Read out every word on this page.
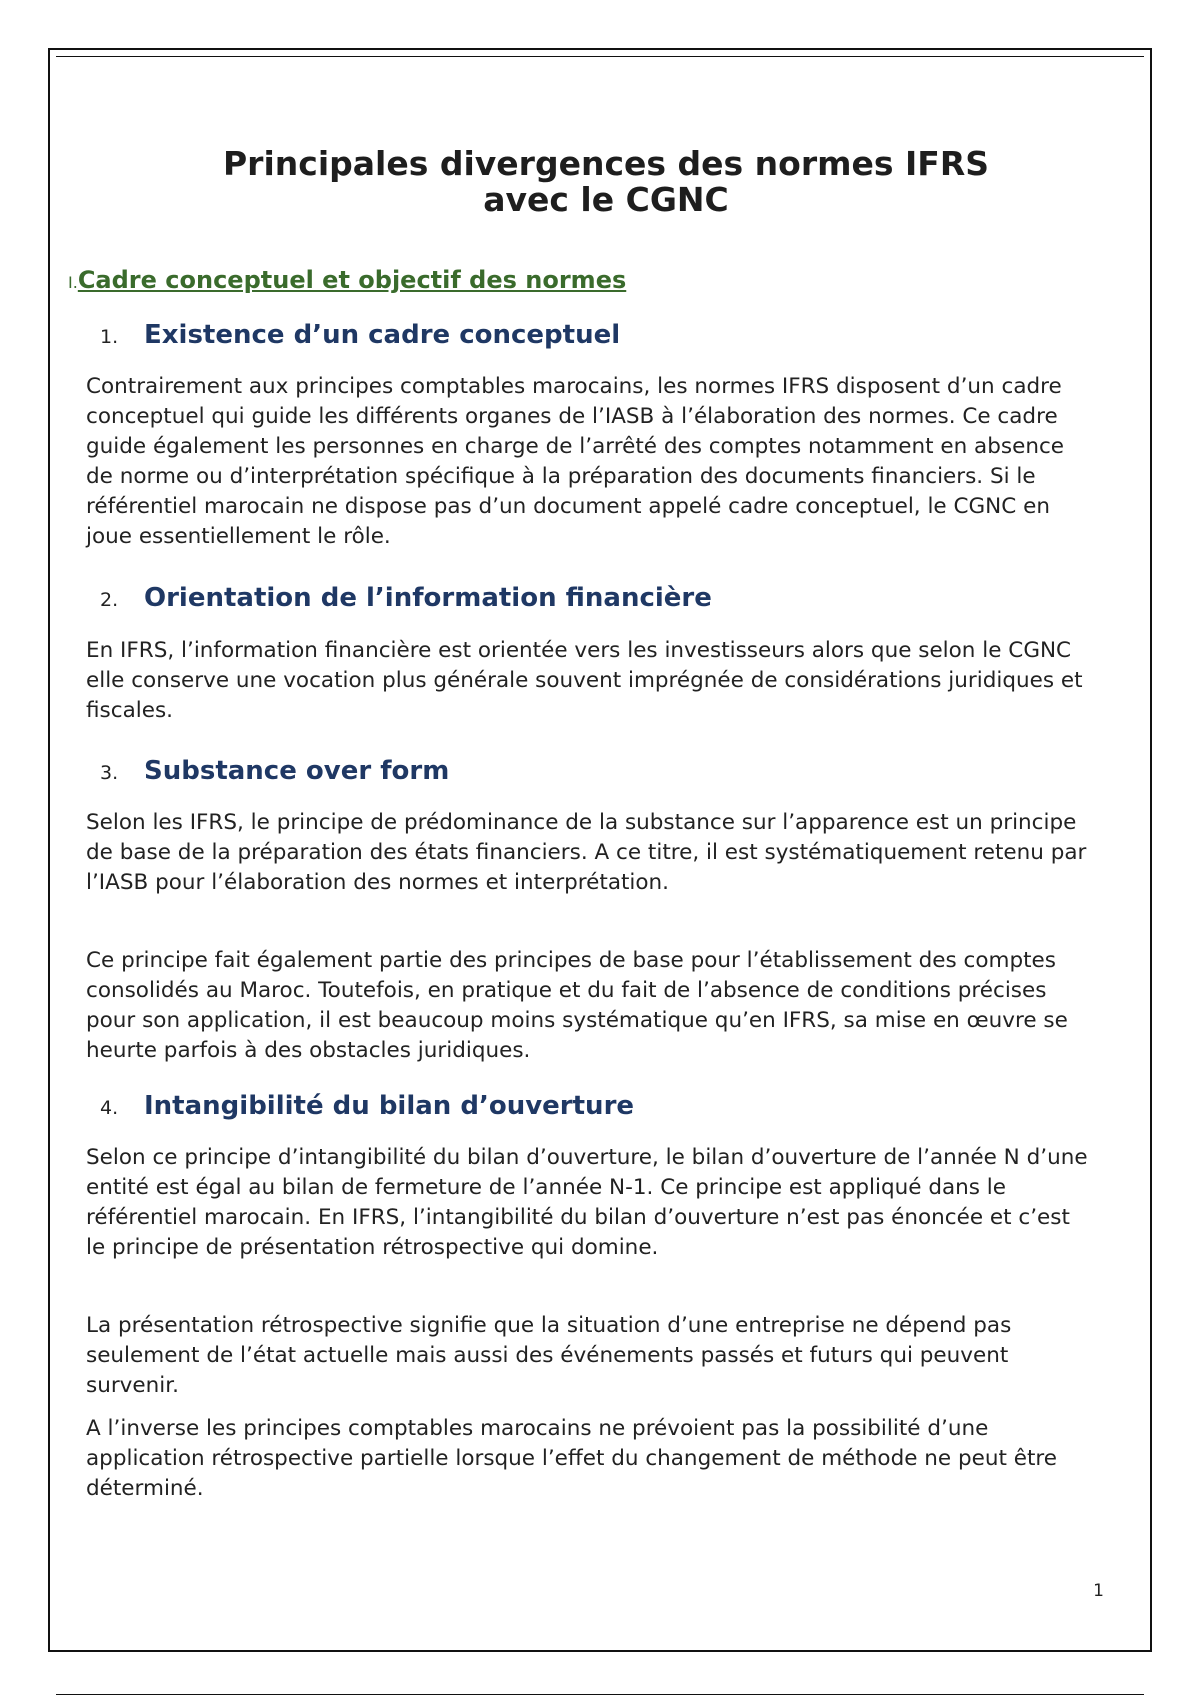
Principales divergences des normes IFRS
avec le CGNC
I.Cadre conceptuel et objectif des normes
1. Existence d’un cadre conceptuel

Contrairement aux principes comptables marocains, les normes IFRS disposent d’un cadre conceptuel qui guide les différents organes de l’IASB à l’élaboration des normes. Ce cadre guide également les personnes en charge de l’arrêté des comptes notamment en absence de norme ou d’interprétation spécifique à la préparation des documents financiers. Si le référentiel marocain ne dispose pas d’un document appelé cadre conceptuel, le CGNC en joue essentiellement le rôle.

2. Orientation de l’information financière

En IFRS, l’information financière est orientée vers les investisseurs alors que selon le CGNC elle conserve une vocation plus générale souvent imprégnée de considérations juridiques et fiscales.

3. Substance over form

Selon les IFRS, le principe de prédominance de la substance sur l’apparence est un principe de base de la préparation des états financiers. A ce titre, il est systématiquement retenu par l’IASB pour l’élaboration des normes et interprétation.

Ce principe fait également partie des principes de base pour l’établissement des comptes consolidés au Maroc. Toutefois, en pratique et du fait de l’absence de conditions précises pour son application, il est beaucoup moins systématique qu’en IFRS, sa mise en œuvre se heurte parfois à des obstacles juridiques.

4. Intangibilité du bilan d’ouverture

Selon ce principe d’intangibilité du bilan d’ouverture, le bilan d’ouverture de l’année N d’une entité est égal au bilan de fermeture de l’année N-1. Ce principe est appliqué dans le référentiel marocain. En IFRS, l’intangibilité du bilan d’ouverture n’est pas énoncée et c’est le principe de présentation rétrospective qui domine.

La présentation rétrospective signifie que la situation d’une entreprise ne dépend pas seulement de l’état actuelle mais aussi des événements passés et futurs qui peuvent survenir.

A l’inverse les principes comptables marocains ne prévoient pas la possibilité d’une application rétrospective partielle lorsque l’effet du changement de méthode ne peut être déterminé.

1
